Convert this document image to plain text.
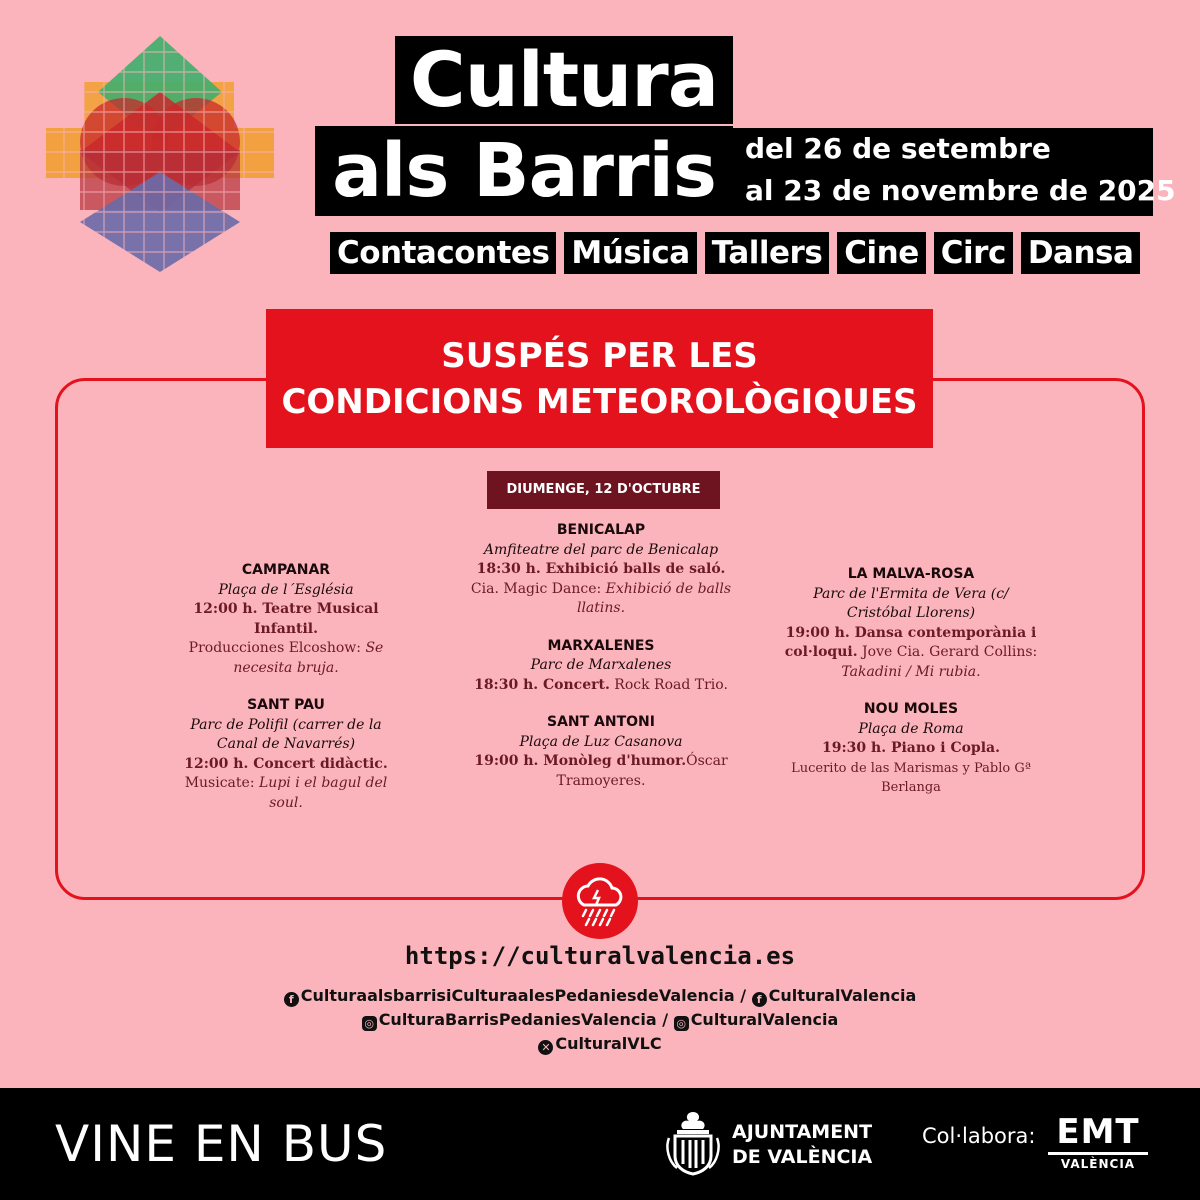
Cultura
als Barris	del 26 de setembre
al 23 de novembre de 2025
Contacontes Música Tallers Cine Circ Dansa
SUSPÉS PER LES
CONDICIONS METEOROLÒGIQUES
DIUMENGE, 12 D'OCTUBRE
CAMPANAR
Plaça de l´Església
12:00 h. Teatre Musical Infantil.
Producciones Elcoshow: Se necesita bruja.
SANT PAU
Parc de Polifil (carrer de la Canal de Navarrés)
12:00 h. Concert didàctic.
Musicate: Lupi i el bagul del soul.
BENICALAP
Amfiteatre del parc de Benicalap
18:30 h. Exhibició balls de saló.
Cia. Magic Dance: Exhibició de balls llatins.
MARXALENES
Parc de Marxalenes
18:30 h. Concert. Rock Road Trio.
SANT ANTONI
Plaça de Luz Casanova
19:00 h. Monòleg d'humor.Óscar Tramoyeres.
LA MALVA-ROSA
Parc de l'Ermita de Vera (c/ Cristóbal Llorens)
19:00 h. Dansa contemporània i col·loqui. Jove Cia. Gerard Collins: Takadini / Mi rubia.
NOU MOLES
Plaça de Roma
19:30 h. Piano i Copla.
Lucerito de las Marismas y Pablo Gª Berlanga
https://culturalvalencia.es
f CulturaalsbarrisiCulturaalesPedaniesdeValencia / f CulturalValencia
◎ CulturaBarrisPedaniesValencia / ◎ CulturalValencia
✕ CulturalVLC
VINE EN BUS	AJUNTAMENT
DE VALÈNCIA
Col·labora: EMT
VALÈNCIA
